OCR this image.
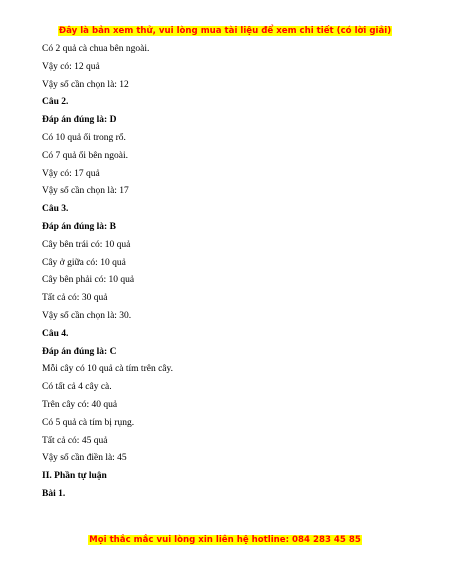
Đây là bản xem thử, vui lòng mua tài liệu để xem chi tiết (có lời giải)
Có 2 quả cà chua bên ngoài.
Vậy có: 12 quả
Vậy số cần chọn là: 12
Câu 2.
Đáp án đúng là: D
Có 10 quả ổi trong rổ.
Có 7 quả ổi bên ngoài.
Vậy có: 17 quả
Vậy số cần chọn là: 17
Câu 3.
Đáp án đúng là: B
Cây bên trái có: 10 quả
Cây ở giữa có: 10 quả
Cây bên phải có: 10 quả
Tất cả có: 30 quả
Vậy số cần chọn là: 30.
Câu 4.
Đáp án đúng là: C
Mỗi cây có 10 quả cà tím trên cây.
Có tất cả 4 cây cà.
Trên cây có: 40 quả
Có 5 quả cà tím bị rụng.
Tất cả có: 45 quả
Vậy số cần điền là: 45
II. Phần tự luận
Bài 1.
Mọi thắc mắc vui lòng xin liên hệ hotline: 084 283 45 85
